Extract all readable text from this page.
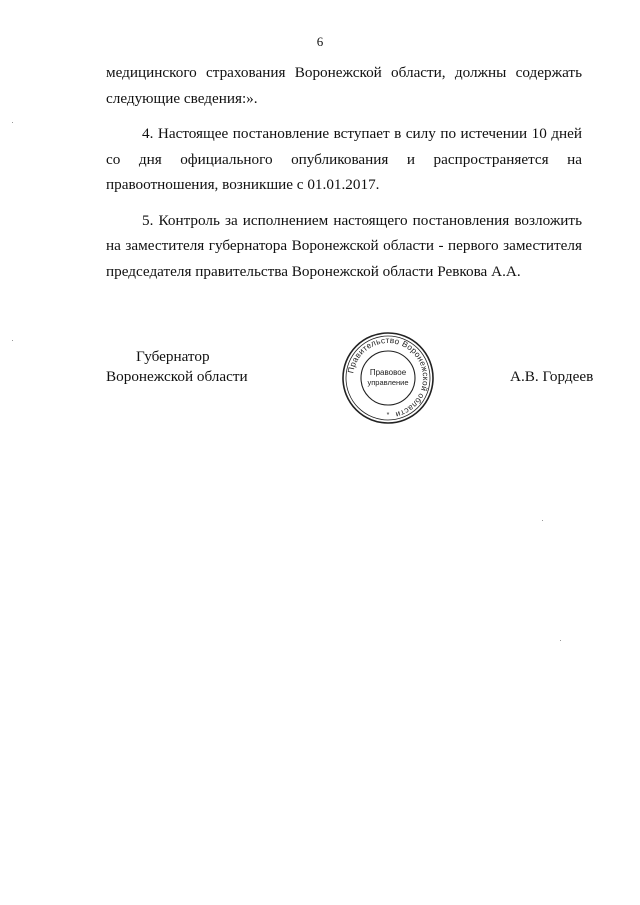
6

медицинского страхования Воронежской области, должны содержать следующие сведения:».

4. Настоящее постановление вступает в силу по истечении 10 дней со дня официального опубликования и распространяется на правоотношения, возникшие с 01.01.2017.

5. Контроль за исполнением настоящего постановления возложить на заместителя губернатора Воронежской области - первого заместителя председателя правительства Воронежской области Ревкова А.А.

Губернатор
Воронежской области	Правительство Воронежской области
Правовое
управление
*
А.В. Гордеев
